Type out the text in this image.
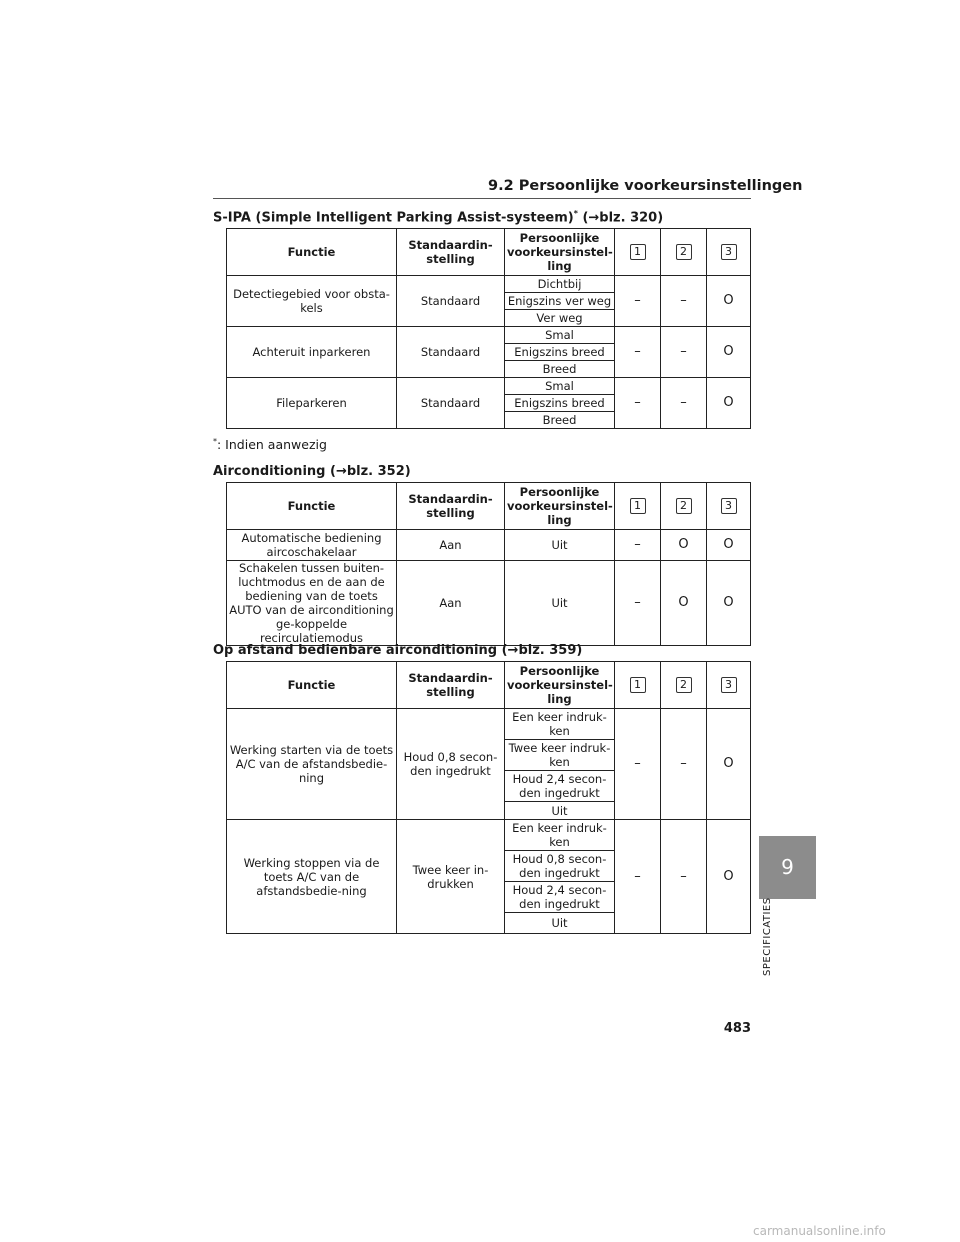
9.2 Persoonlijke voorkeursinstellingen
S-IPA (Simple Intelligent Parking Assist-systeem)* (→blz. 320)
Functie	Standaardin-stelling	Persoonlijke voorkeursinstel-ling	1	2	3
Detectiegebied voor obsta-kels	Standaard	Dichtbij	–	–	O
		Enigszins ver weg			
		Ver weg			
Achteruit inparkeren	Standaard	Smal	–	–	O
		Enigszins breed			
		Breed			
Fileparkeren	Standaard	Smal	–	–	O
		Enigszins breed			
		Breed			
*: Indien aanwezig
Airconditioning (→blz. 352)
Functie	Standaardin-stelling	Persoonlijke voorkeursinstel-ling	1	2	3
Automatische bediening aircoschakelaar	Aan	Uit	–	O	O
Schakelen tussen buiten-luchtmodus en de aan de bediening van de toets AUTO van de airconditioning ge-koppelde recirculatiemodus	Aan	Uit	–	O	O
Op afstand bedienbare airconditioning (→blz. 359)
Functie	Standaardin-stelling	Persoonlijke voorkeursinstel-ling	1	2	3
Werking starten via de toets A/C van de afstandsbedie-ning	Houd 0,8 secon-den ingedrukt	Een keer indruk-ken	–	–	O
		Twee keer indruk-ken			
		Houd 2,4 secon-den ingedrukt			
		Uit			
Werking stoppen via de toets A/C van de afstandsbedie-ning	Twee keer in-drukken	Een keer indruk-ken	–	–	O
		Houd 0,8 secon-den ingedrukt			
		Houd 2,4 secon-den ingedrukt			
		Uit			
9
SPECIFICATIES
483
carmanualsonline.info
